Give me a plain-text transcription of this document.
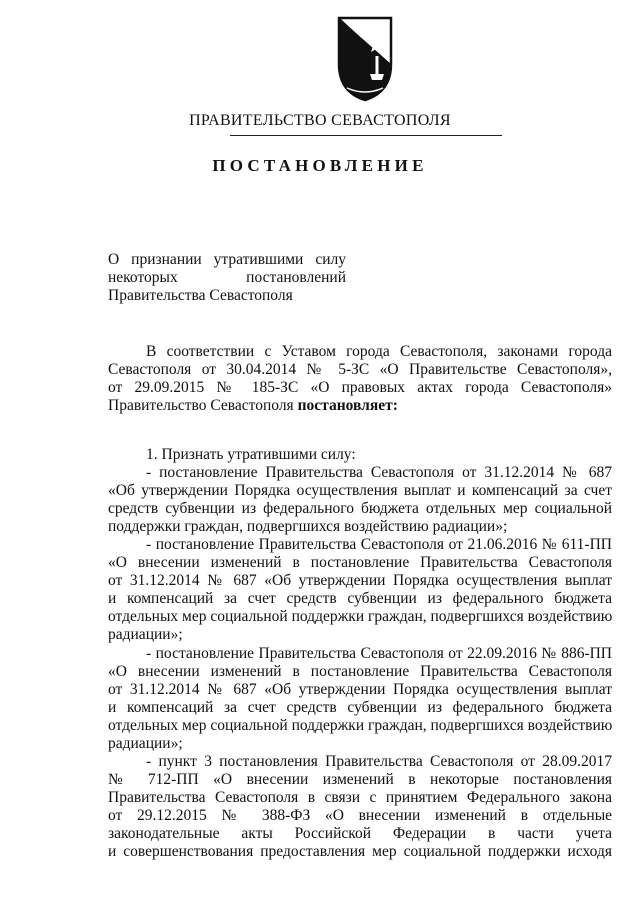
ПРАВИТЕЛЬСТВО СЕВАСТОПОЛЯ
ПОСТАНОВЛЕНИЕ
О признании утратившими силу
некоторых постановлений
Правительства Севастополя
В соответствии с Уставом города Севастополя, законами города
Севастополя от 30.04.2014 № 5-ЗС «О Правительстве Севастополя»,
от 29.09.2015 № 185-ЗС «О правовых актах города Севастополя»
Правительство Севастополя постановляет:
1. Признать утратившими силу:
- постановление Правительства Севастополя от 31.12.2014 № 687
«Об утверждении Порядка осуществления выплат и компенсаций за счет
средств субвенции из федерального бюджета отдельных мер социальной
поддержки граждан, подвергшихся воздействию радиации»;
- постановление Правительства Севастополя от 21.06.2016 № 611-ПП
«О внесении изменений в постановление Правительства Севастополя
от 31.12.2014 № 687 «Об утверждении Порядка осуществления выплат
и компенсаций за счет средств субвенции из федерального бюджета
отдельных мер социальной поддержки граждан, подвергшихся воздействию
радиации»;
- постановление Правительства Севастополя от 22.09.2016 № 886-ПП
«О внесении изменений в постановление Правительства Севастополя
от 31.12.2014 № 687 «Об утверждении Порядка осуществления выплат
и компенсаций за счет средств субвенции из федерального бюджета
отдельных мер социальной поддержки граждан, подвергшихся воздействию
радиации»;
- пункт 3 постановления Правительства Севастополя от 28.09.2017
№ 712-ПП «О внесении изменений в некоторые постановления
Правительства Севастополя в связи с принятием Федерального закона
от 29.12.2015 № 388-ФЗ «О внесении изменений в отдельные
законодательные акты Российской Федерации в части учета
и совершенствования предоставления мер социальной поддержки исходя
